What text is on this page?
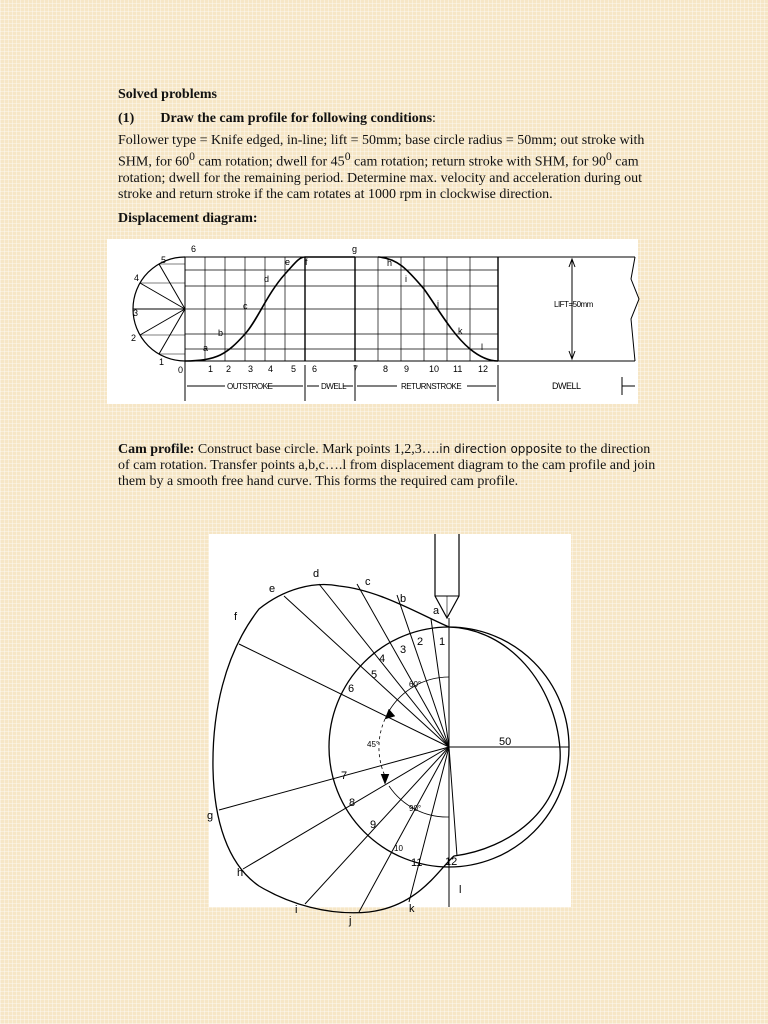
Solved problems
(1) Draw the cam profile for following conditions:
Follower type = Knife edged, in-line; lift = 50mm; base circle radius = 50mm; out stroke with SHM, for $60^0$ cam rotation; dwell for $45^0$ cam rotation; return stroke with SHM, for $90^0$ cam rotation; dwell for the remaining period. Determine max. velocity and acceleration during out stroke and return stroke if the cam rotates at 1000 rpm in clockwise direction.
Displacement diagram:
6	g
5
4
3
2
1
a
b
c
d
e f	h
i
j
k
l
0	1 2 3 4 5 6	7	8 9 10 11 12
LIFT=50mm
OUTSTROKE	DWELL	RETURNSTROKE	DWELL
Cam profile: Construct base circle. Mark points 1,2,3….in direction opposite to the direction of cam rotation. Transfer points a,b,c….l from displacement diagram to the cam profile and join them by a smooth free hand curve. This forms the required cam profile.
a
b
c
d
e
f
g
h
i
j
k
l
1
2
3
4
5
6
7
8
9
10
11 12
60°
45°
90°
50
